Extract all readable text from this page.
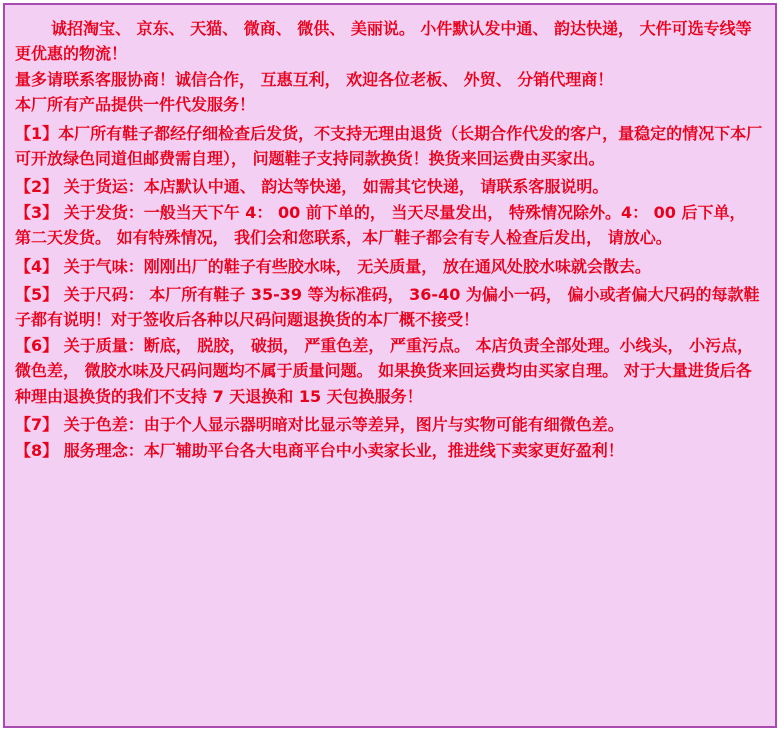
诚招淘宝、 京东、 天猫、 微商、 微供、 美丽说。 小件默认发中通、 韵达快递， 大件可选专线等更优惠的物流！

量多请联系客服协商！诚信合作， 互惠互利， 欢迎各位老板、 外贸、 分销代理商！

本厂所有产品提供一件代发服务！

【1】本厂所有鞋子都经仔细检查后发货，不支持无理由退货（长期合作代发的客户，量稳定的情况下本厂可开放绿色同道但邮费需自理）， 问题鞋子支持同款换货！换货来回运费由买家出。

【2】 关于货运：本店默认中通、 韵达等快递， 如需其它快递， 请联系客服说明。

【3】 关于发货：一般当天下午 4： 00 前下单的， 当天尽量发出， 特殊情况除外。4： 00 后下单， 第二天发货。 如有特殊情况， 我们会和您联系，本厂鞋子都会有专人检查后发出， 请放心。

【4】 关于气味：刚刚出厂的鞋子有些胶水味， 无关质量， 放在通风处胶水味就会散去。

【5】 关于尺码： 本厂所有鞋子 35-39 等为标准码， 36-40 为偏小一码， 偏小或者偏大尺码的每款鞋子都有说明！对于签收后各种以尺码问题退换货的本厂概不接受！

【6】 关于质量：断底， 脱胶， 破损， 严重色差， 严重污点。 本店负责全部处理。小线头， 小污点， 微色差， 微胶水味及尺码问题均不属于质量问题。 如果换货来回运费均由买家自理。 对于大量进货后各种理由退换货的我们不支持 7 天退换和 15 天包换服务！

【7】 关于色差：由于个人显示器明暗对比显示等差异，图片与实物可能有细微色差。

【8】 服务理念：本厂辅助平台各大电商平台中小卖家长业，推进线下卖家更好盈利！
